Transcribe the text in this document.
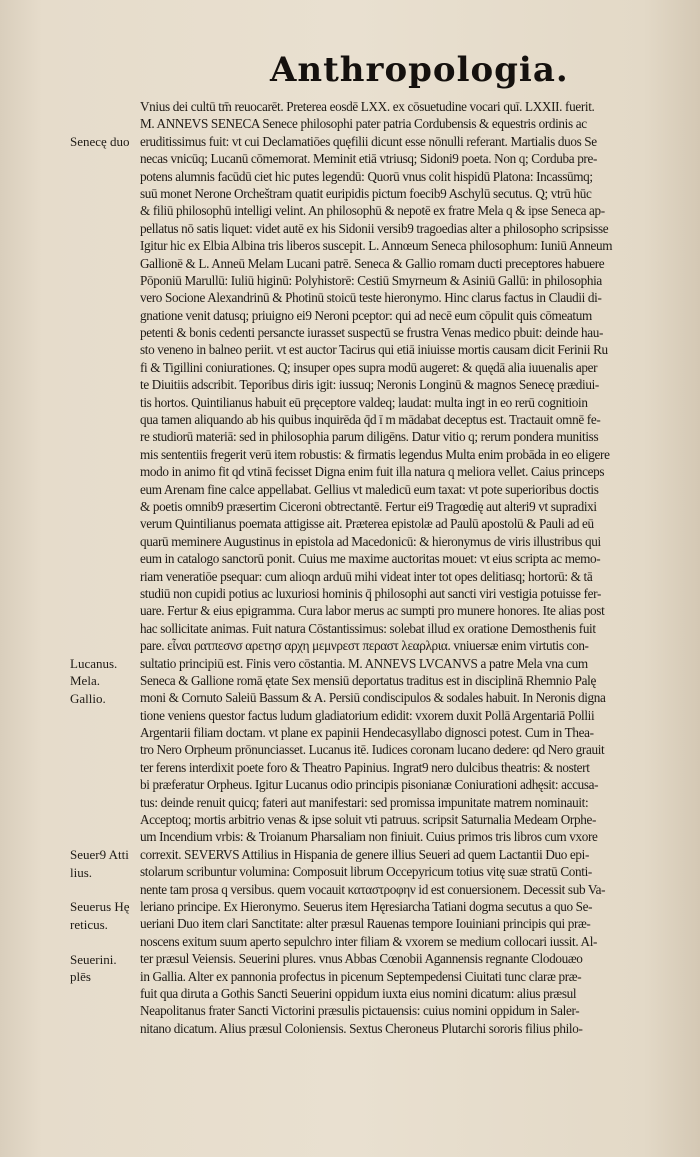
Anthropologia.
Senecę duo
Lucanus.
Mela.
Gallio.
Seuer9 Atti
lius.
Seuerus Hę
reticus.
Seuerini.
plēs
Vnius dei cultū tm̄ reuocarēt. Preterea eosdē LXX. ex cōsuetudine vocari quī. LXXII. fuerit.
M. ANNEVS SENECA Senece philosophi pater patria Cordubensis & equestris ordinis ac
eruditissimus fuit: vt cui Declamatiōes quęfilii dicunt esse nōnulli referant. Martialis duos Se
necas vnicūq; Lucanū cōmemorat. Meminit etiā vtriusq; Sidoni9 poeta. Non q; Corduba pre-
potens alumnis facūdū ciet hic putes legendū: Quorū vnus colit hispidū Platona: Incassūmq;
suū monet Nerone Orcheštram quatit euripidis pictum foecib9 Aschylū secutus. Q; vtrū hūc
& filiū philosophū intelligi velint. An philosophū & nepotē ex fratre Mela q & ipse Seneca ap-
pellatus nō satis liquet: videt autē ex his Sidonii versib9 tragoedias alter a philosopho scripsisse
Igitur hic ex Elbia Albina tris liberos suscepit. L. Annœum Seneca philosophum: Iuniū Anneum
Gallionē & L. Anneū Melam Lucani patrē. Seneca & Gallio romam ducti preceptores habuere
Pōponiū Marullū: Iuliū higinū: Polyhistorē: Cestiū Smyrneum & Asiniū Gallū: in philosophia
vero Socione Alexandrinū & Photinū stoicū teste hieronymo. Hinc clarus factus in Claudii di-
gnatione venit datusq; priuigno ei9 Neroni pceptor: qui ad necē eum cōpulit quis cōmeatum
petenti & bonis cedenti persancte iurasset suspectū se frustra Venas medico pbuit: deinde hau-
sto veneno in balneo periit. vt est auctor Tacirus qui etiā iniuisse mortis causam dicit Ferinii Ru
fi & Tigillini coniurationes. Q; insuper opes supra modū augeret: & quędā alia iuuenalis aper
te Diuitiis adscribit. Teporibus diris igit: iussuq; Neronis Longinū & magnos Senecę prædiui-
tis hortos. Quintilianus habuit eū pręceptore valdeq; laudat: multa ingt in eo rerū cognitioin
qua tamen aliquando ab his quibus inquirēda q̄d ī m mādabat deceptus est. Tractauit omnē fe-
re studiorū materiā: sed in philosophia parum diligēns. Datur vitio q; rerum pondera munitiss
mis sententiis fregerit verū item robustis: & firmatis legendus Multa enim probāda in eo eligere
modo in animo fit qd vtinā fecisset Digna enim fuit illa natura q meliora vellet. Caius princeps
eum Arenam fine calce appellabat. Gellius vt maledicū eum taxat: vt pote superioribus doctis
& poetis omnib9 præsertim Ciceroni obtrectantē. Fertur ei9 Tragœdię aut alteri9 vt supradixi
verum Quintilianus poemata attigisse ait. Præterea epistolæ ad Paulū apostolū & Pauli ad eū
quarū meminere Augustinus in epistola ad Macedonicū: & hieronymus de viris illustribus qui
eum in catalogo sanctorū ponit. Cuius me maxime auctoritas mouet: vt eius scripta ac memo-
riam veneratiōe psequar: cum alioqn arduū mihi videat inter tot opes delitiasq; hortorū: & tā
studiū non cupidi potius ac luxuriosi hominis q̄ philosophi aut sancti viri vestigia potuisse fer-
uare. Fertur & eius epigramma. Cura labor merus ac sumpti pro munere honores. Ite alias post
hac sollicitate animas. Fuit natura Cōstantissimus: solebat illud ex oratione Demosthenis fuit
pare. εἶναι ρατπεσνσ αρετησ αρχη μεμνρεστ περαστ λεαρλρια. vniuersæ enim virtutis con-
sultatio principiū est. Finis vero cōstantia. M. ANNEVS LVCANVS a patre Mela vna cum
Seneca & Gallione romā ętate Sex mensiū deportatus traditus est in disciplinā Rhemnio Palę
moni & Cornuto Saleiū Bassum & A. Persiū condiscipulos & sodales habuit. In Neronis digna
tione veniens questor factus ludum gladiatorium edidit: vxorem duxit Pollā Argentariā Pollii
Argentarii filiam doctam. vt plane ex papinii Hendecasyllabo dignosci potest. Cum in Thea-
tro Nero Orpheum prōnunciasset. Lucanus itē. Iudices coronam lucano dedere: qd Nero grauit
ter ferens interdixit poete foro & Theatro Papinius. Ingrat9 nero dulcibus theatris: & nostert
bi præferatur Orpheus. Igitur Lucanus odio principis pisonianæ Coniurationi adhęsit: accusa-
tus: deinde renuit quicq; fateri aut manifestari: sed promissa impunitate matrem nominauit:
Acceptoq; mortis arbitrio venas & ipse soluit vti patruus. scripsit Saturnalia Medeam Orphe-
um Incendium vrbis: & Troianum Pharsaliam non finiuit. Cuius primos tris libros cum vxore
correxit. SEVERVS Attilius in Hispania de genere illius Seueri ad quem Lactantii Duo epi-
stolarum scribuntur volumina: Composuit librum Occepyricum totius vitę suæ stratū Conti-
nente tam prosa q versibus. quem vocauit καταστροφην id est conuersionem. Decessit sub Va-
leriano principe. Ex Hieronymo. Seuerus item Hęresiarcha Tatiani dogma secutus a quo Se-
ueriani Duo item clari Sanctitate: alter præsul Rauenas tempore Iouiniani principis qui præ-
noscens exitum suum aperto sepulchro inter filiam & vxorem se medium collocari iussit. Al-
ter præsul Veiensis. Seuerini plures. vnus Abbas Cœnobii Agannensis regnante Clodouæo
in Gallia. Alter ex pannonia profectus in picenum Septempedensi Ciuitati tunc claræ præ-
fuit qua diruta a Gothis Sancti Seuerini oppidum iuxta eius nomini dicatum: alius præsul
Neapolitanus frater Sancti Victorini præsulis pictauensis: cuius nomini oppidum in Saler-
nitano dicatum. Alius præsul Coloniensis. Sextus Cheroneus Plutarchi sororis filius philo-
